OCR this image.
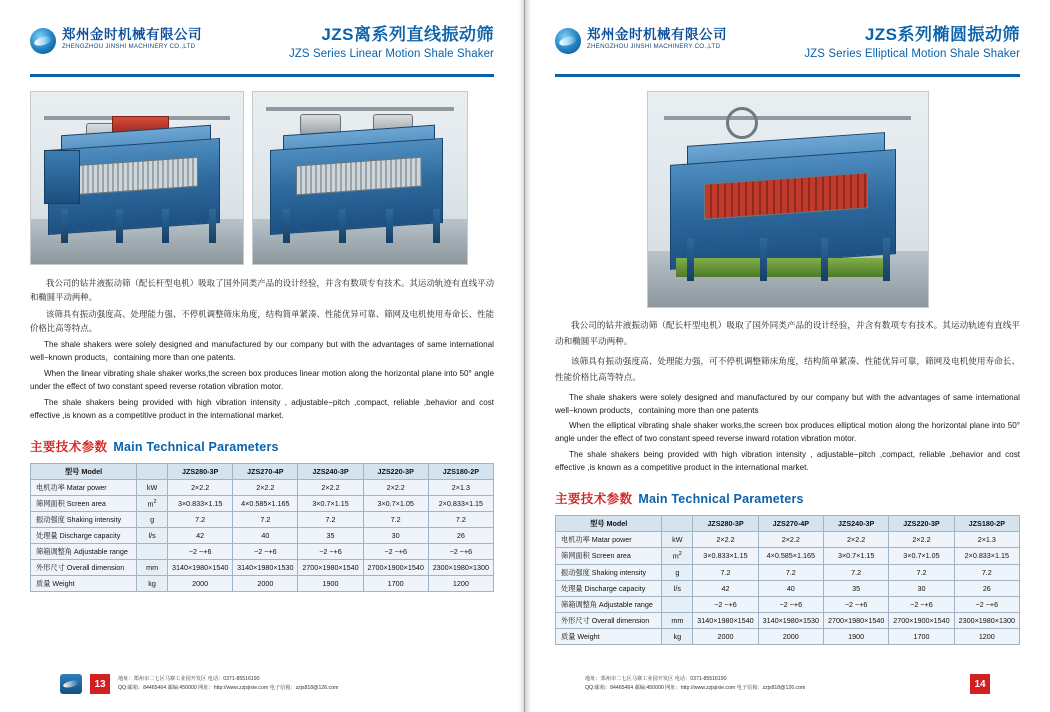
郑州金时机械有限公司
ZHENGZHOU JINSHI MACHINERY CO.,LTD
JZS离系列直线振动筛
JZS Series Linear Motion Shale Shaker

我公司的钻井液振动筛（配长杆型电机）吸取了国外同类产品的设计经验，并含有数项专有技术。其运动轨迹有直线平动和椭圆平动两种。

该筛具有振动强度高、处理能力强、不停机调整筛床角度，结构简单紧凑、性能优异可靠、筛网及电机使用寿命长、性能价格比高等特点。

The shale shakers were solely designed and manufactured by our company but with the advantages of same international well−known products，containing more than one patents.

When the linear vibrating shale shaker works,the screen box produces linear motion along the horizontal plane into 50° angle under the effect of two constant speed reverse rotation vibration motor.

The shale shakers being provided with high vibration intensity , adjustable−pitch ,compact, reliable ,behavior and cost effective ,is known as a competitive product in the international market.

主要技术参数 Main Technical Parameters
型号 Model		JZS280-3P	JZS270-4P	JZS240-3P	JZS220-3P	JZS180-2P
电机功率 Matar power	kW	2×2.2	2×2.2	2×2.2	2×2.2	2×1.3
筛网面积 Screen area	$m^2$	3×0.833×1.15	4×0.585×1.165	3×0.7×1.15	3×0.7×1.05	2×0.833×1.15
振动强度 Shaking intensity	g	7.2	7.2	7.2	7.2	7.2
处理量 Discharge capacity	l/s	42	40	35	30	26
筛箱调整角 Adjustable range		−2 ~+6	−2 ~+6	−2 ~+6	−2 ~+6	−2 ~+6
外形尺寸 Overall dimension	mm	3140×1980×1540	3140×1980×1530	2700×1980×1540	2700×1900×1540	2300×1980×1300
质量 Weight	kg	2000	2000	1900	1700	1200
13	地址：郑州市二七区马寨工业园开发区 电话：0371-85516190
QQ:邮箱：84465464 邮编:450000 网址：http://www.zzjsjixie.com 电子信箱：zzjs818@126.com
郑州金时机械有限公司
ZHENGZHOU JINSHI MACHINERY CO.,LTD
JZS系列椭圆振动筛
JZS Series Elliptical Motion Shale Shaker

我公司的钻井液振动筛（配长杆型电机）吸取了国外同类产品的设计经验，并含有数项专有技术。其运动轨迹有直线平动和椭圆平动两种。

该筛具有振动强度高、处理能力强，可不停机调整筛床角度，结构简单紧凑、性能优异可靠，筛网及电机使用寿命长、性能价格比高等特点。

The shale shakers were solely designed and manufactured by our company but with the advantages of same international well−known products，containing more than one patents

When the elliptical vibrating shale shaker works,the screen box produces elliptical motion along the horizontal plane into 50° angle under the effect of two constant speed reverse inward rotation vibration motor.

The shale shakers being provided with high vibration intensity , adjustable−pitch ,compact, reliable ,behavior and cost effective ,is known as a competitive product in the international market.

主要技术参数 Main Technical Parameters
型号 Model		JZS280-3P	JZS270-4P	JZS240-3P	JZS220-3P	JZS180-2P
电机功率 Matar power	kW	2×2.2	2×2.2	2×2.2	2×2.2	2×1.3
筛网面积 Screen area	$m^2$	3×0.833×1.15	4×0.585×1.165	3×0.7×1.15	3×0.7×1.05	2×0.833×1.15
振动强度 Shaking intensity	g	7.2	7.2	7.2	7.2	7.2
处理量 Discharge capacity	l/s	42	40	35	30	26
筛箱调整角 Adjustable range		−2 ~+6	−2 ~+6	−2 ~+6	−2 ~+6	−2 ~+6
外形尺寸 Overall dimension	mm	3140×1980×1540	3140×1980×1530	2700×1980×1540	2700×1900×1540	2300×1980×1300
质量 Weight	kg	2000	2000	1900	1700	1200
地址：郑州市二七区马寨工业园开发区 电话：0371-85516190
QQ:邮箱：84465464 邮编:450000 网址：http://www.zzjsjixie.com 电子信箱：zzjs818@126.com	14
